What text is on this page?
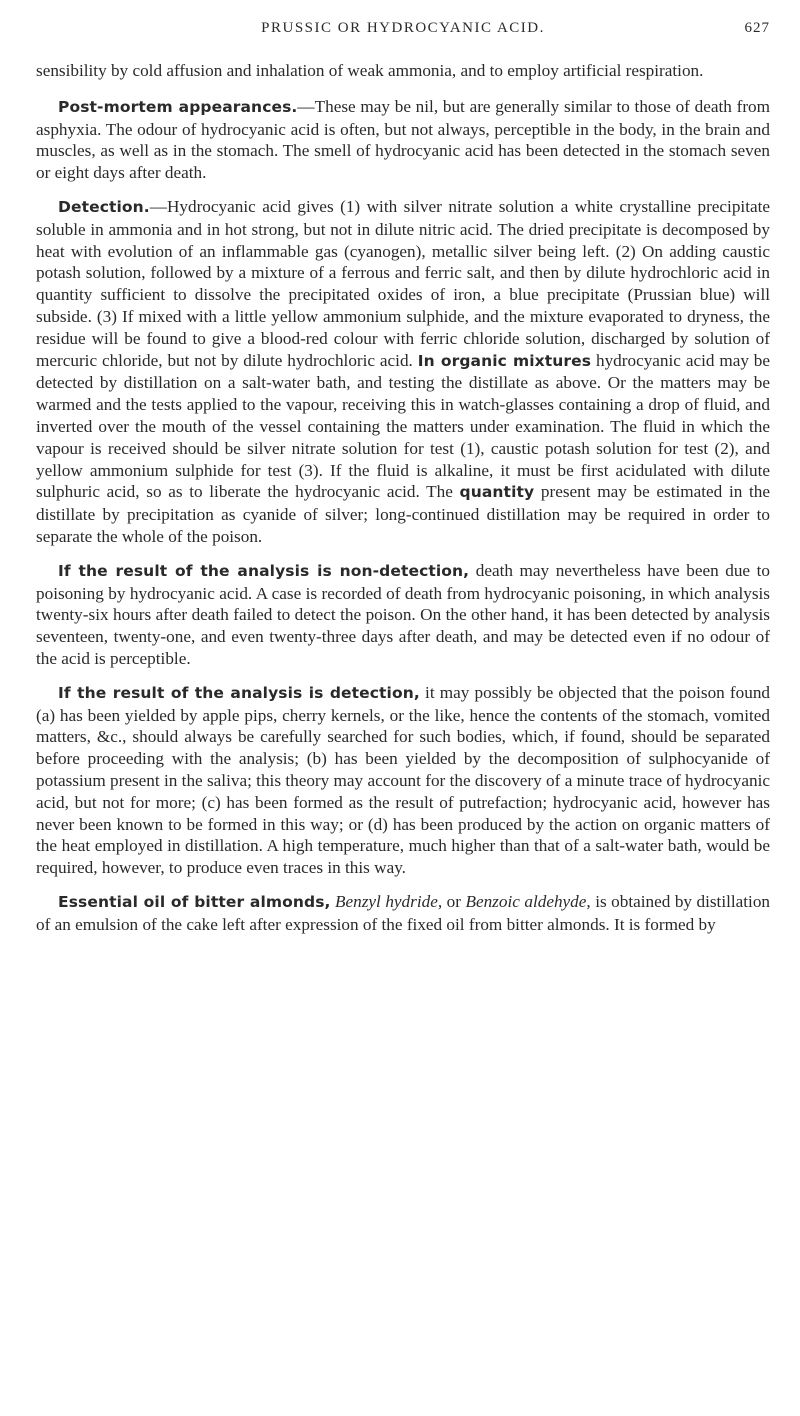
PRUSSIC OR HYDROCYANIC ACID.	627

sensibility by cold affusion and inhalation of weak ammonia, and to employ artificial respiration.

Post-mortem appearances.—These may be nil, but are generally similar to those of death from asphyxia. The odour of hydrocyanic acid is often, but not always, perceptible in the body, in the brain and muscles, as well as in the stomach. The smell of hydrocyanic acid has been detected in the stomach seven or eight days after death.

Detection.—Hydrocyanic acid gives (1) with silver nitrate solution a white crystalline precipitate soluble in ammonia and in hot strong, but not in dilute nitric acid. The dried precipitate is decomposed by heat with evolution of an inflammable gas (cyanogen), metallic silver being left. (2) On adding caustic potash solution, followed by a mixture of a ferrous and ferric salt, and then by dilute hydrochloric acid in quantity sufficient to dissolve the precipitated oxides of iron, a blue precipitate (Prussian blue) will subside. (3) If mixed with a little yellow ammonium sulphide, and the mixture evaporated to dryness, the residue will be found to give a blood-red colour with ferric chloride solution, discharged by solution of mercuric chloride, but not by dilute hydrochloric acid. In organic mixtures hydrocyanic acid may be detected by distillation on a salt-water bath, and testing the distillate as above. Or the matters may be warmed and the tests applied to the vapour, receiving this in watch-glasses containing a drop of fluid, and inverted over the mouth of the vessel containing the matters under examination. The fluid in which the vapour is received should be silver nitrate solution for test (1), caustic potash solution for test (2), and yellow ammonium sulphide for test (3). If the fluid is alkaline, it must be first acidulated with dilute sulphuric acid, so as to liberate the hydrocyanic acid. The quantity present may be estimated in the distillate by precipitation as cyanide of silver; long-continued distillation may be required in order to separate the whole of the poison.

If the result of the analysis is non-detection, death may nevertheless have been due to poisoning by hydrocyanic acid. A case is recorded of death from hydrocyanic poisoning, in which analysis twenty-six hours after death failed to detect the poison. On the other hand, it has been detected by analysis seventeen, twenty-one, and even twenty-three days after death, and may be detected even if no odour of the acid is perceptible.

If the result of the analysis is detection, it may possibly be objected that the poison found (a) has been yielded by apple pips, cherry kernels, or the like, hence the contents of the stomach, vomited matters, &c., should always be carefully searched for such bodies, which, if found, should be separated before proceeding with the analysis; (b) has been yielded by the decomposition of sulphocyanide of potassium present in the saliva; this theory may account for the discovery of a minute trace of hydrocyanic acid, but not for more; (c) has been formed as the result of putrefaction; hydrocyanic acid, however has never been known to be formed in this way; or (d) has been produced by the action on organic matters of the heat employed in distillation. A high temperature, much higher than that of a salt-water bath, would be required, however, to produce even traces in this way.

Essential oil of bitter almonds, Benzyl hydride, or Benzoic aldehyde, is obtained by distillation of an emulsion of the cake left after expression of the fixed oil from bitter almonds. It is formed by
